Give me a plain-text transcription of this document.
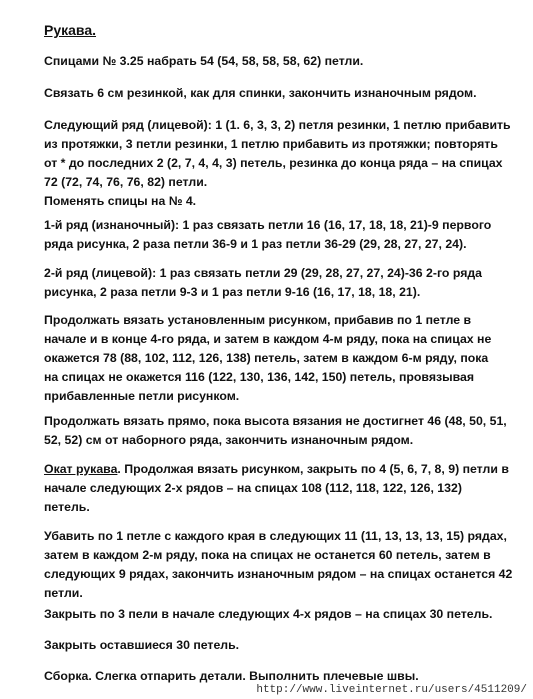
Рукава.

Спицами № 3.25 набрать 54 (54, 58, 58, 58, 62) петли.

Связать 6 см резинкой, как для спинки, закончить изнаночным рядом.

Следующий ряд (лицевой): 1 (1. 6, 3, 3, 2) петля резинки, 1 петлю прибавить
из протяжки, 3 петли резинки, 1 петлю прибавить из протяжки; повторять
от * до последних 2 (2, 7, 4, 4, 3) петель, резинка до конца ряда – на спицах
72 (72, 74, 76, 76, 82) петли.
Поменять спицы на № 4.

1-й ряд (изнаночный): 1 раз связать петли 16 (16, 17, 18, 18, 21)-9 первого
ряда рисунка, 2 раза петли 36-9 и 1 раз петли 36-29 (29, 28, 27, 27, 24).

2-й ряд (лицевой): 1 раз связать петли 29 (29, 28, 27, 27, 24)-36 2-го ряда
рисунка, 2 раза петли 9-3 и 1 раз петли 9-16 (16, 17, 18, 18, 21).

Продолжать вязать установленным рисунком, прибавив по 1 петле в
начале и в конце 4-го ряда, и затем в каждом 4-м ряду, пока на спицах не
окажется 78 (88, 102, 112, 126, 138) петель, затем в каждом 6-м ряду, пока
на спицах не окажется 116 (122, 130, 136, 142, 150) петель, провязывая
прибавленные петли рисунком.

Продолжать вязать прямо, пока высота вязания не достигнет 46 (48, 50, 51,
52, 52) см от наборного ряда, закончить изнаночным рядом.

Окат рукава. Продолжая вязать рисунком, закрыть по 4 (5, 6, 7, 8, 9) петли в
начале следующих 2-х рядов – на спицах 108 (112, 118, 122, 126, 132)
петель.

Убавить по 1 петле с каждого края в следующих 11 (11, 13, 13, 13, 15) рядах,
затем в каждом 2-м ряду, пока на спицах не останется 60 петель, затем в
следующих 9 рядах, закончить изнаночным рядом – на спицах останется 42
петли.

Закрыть по 3 пели в начале следующих 4-х рядов – на спицах 30 петель.

Закрыть оставшиеся 30 петель.

Сборка. Слегка отпарить детали. Выполнить плечевые швы.

http://www.liveinternet.ru/users/4511209/
